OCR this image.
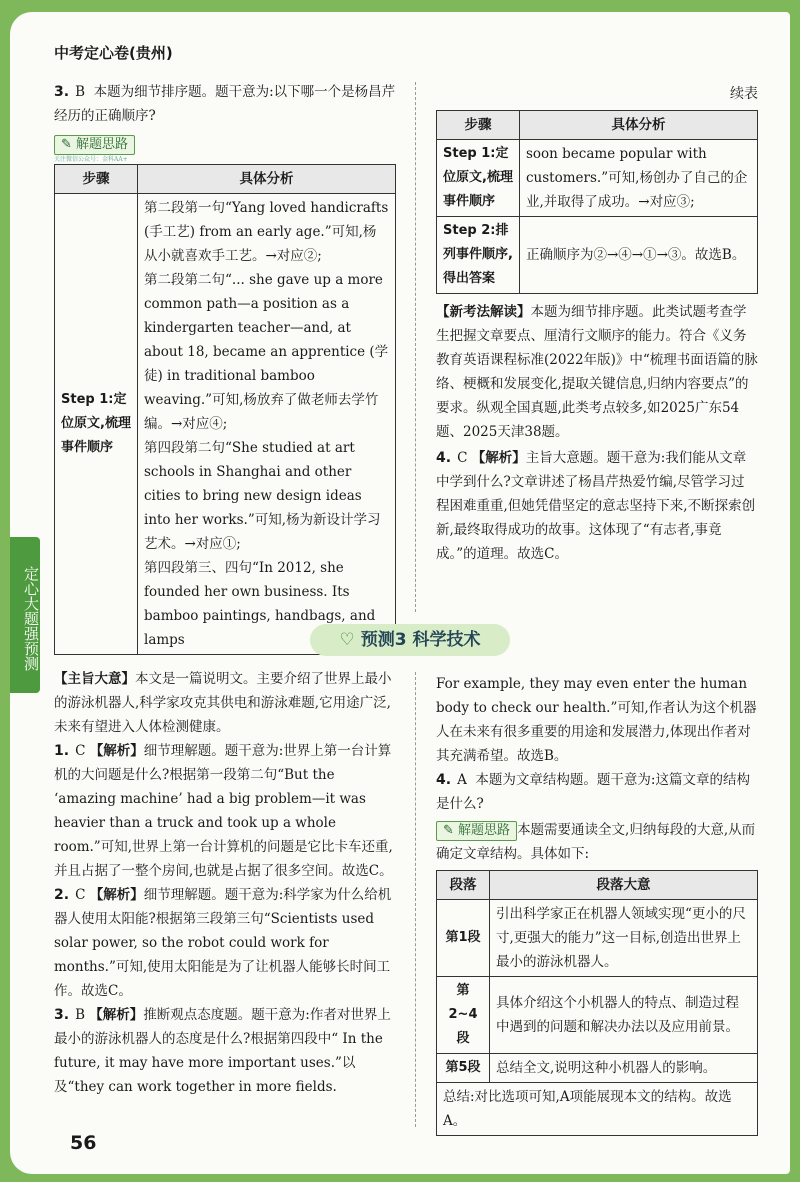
中考定心卷(贵州)

3. B 本题为细节排序题。题干意为:以下哪一个是杨昌芹经历的正确顺序?

✎ 解题思路
关注微信公众号：金科AA+
步骤	具体分析
Step 1:定位原文,梳理事件顺序	第二段第一句“Yang loved handicrafts (手工艺) from an early age.”可知,杨从小就喜欢手工艺。→对应②;

第二段第二句“... she gave up a more common path—a position as a kindergarten teacher—and, at about 18, became an apprentice (学徒) in traditional bamboo weaving.”可知,杨放弃了做老师去学竹编。→对应④;

第四段第二句“She studied at art schools in Shanghai and other cities to bring new design ideas into her works.”可知,杨为新设计学习艺术。→对应①;

第四段第三、四句“In 2012, she founded her own business. Its bamboo paintings, handbags, and lamps

续表
步骤	具体分析
Step 1:定位原文,梳理事件顺序	soon became popular with customers.”可知,杨创办了自己的企业,并取得了成功。→对应③;
Step 2:排列事件顺序,得出答案	正确顺序为②→④→①→③。故选B。

【新考法解读】本题为细节排序题。此类试题考查学生把握文章要点、厘清行文顺序的能力。符合《义务教育英语课程标准(2022年版)》中“梳理书面语篇的脉络、梗概和发展变化,提取关键信息,归纳内容要点”的要求。纵观全国真题,此类考点较多,如2025广东54题、2025天津38题。

4. C 【解析】主旨大意题。题干意为:我们能从文章中学到什么?文章讲述了杨昌芹热爱竹编,尽管学习过程困难重重,但她凭借坚定的意志坚持下来,不断探索创新,最终取得成功的故事。这体现了“有志者,事竟成。”的道理。故选C。

定心大题强预测	♡ 预测3 科学技术

【主旨大意】本文是一篇说明文。主要介绍了世界上最小的游泳机器人,科学家攻克其供电和游泳难题,它用途广泛,未来有望进入人体检测健康。

1. C 【解析】细节理解题。题干意为:世界上第一台计算机的大问题是什么?根据第一段第二句“But the ‘amazing machine’ had a big problem—it was heavier than a truck and took up a whole room.”可知,世界上第一台计算机的问题是它比卡车还重,并且占据了一整个房间,也就是占据了很多空间。故选C。

2. C 【解析】细节理解题。题干意为:科学家为什么给机器人使用太阳能?根据第三段第三句“Scientists used solar power, so the robot could work for months.”可知,使用太阳能是为了让机器人能够长时间工作。故选C。

3. B 【解析】推断观点态度题。题干意为:作者对世界上最小的游泳机器人的态度是什么?根据第四段中“ In the future, it may have more important uses.”以及“they can work together in more fields.

For example, they may even enter the human body to check our health.”可知,作者认为这个机器人在未来有很多重要的用途和发展潜力,体现出作者对其充满希望。故选B。

4. A 本题为文章结构题。题干意为:这篇文章的结构是什么?

✎ 解题思路 本题需要通读全文,归纳每段的大意,从而确定文章结构。具体如下:

段落	段落大意
第1段	引出科学家正在机器人领域实现“更小的尺寸,更强大的能力”这一目标,创造出世界上最小的游泳机器人。
第2~4段	具体介绍这个小机器人的特点、制造过程中遇到的问题和解决办法以及应用前景。
第5段	总结全文,说明这种小机器人的影响。
总结:对比选项可知,A项能展现本文的结构。故选A。	
56
